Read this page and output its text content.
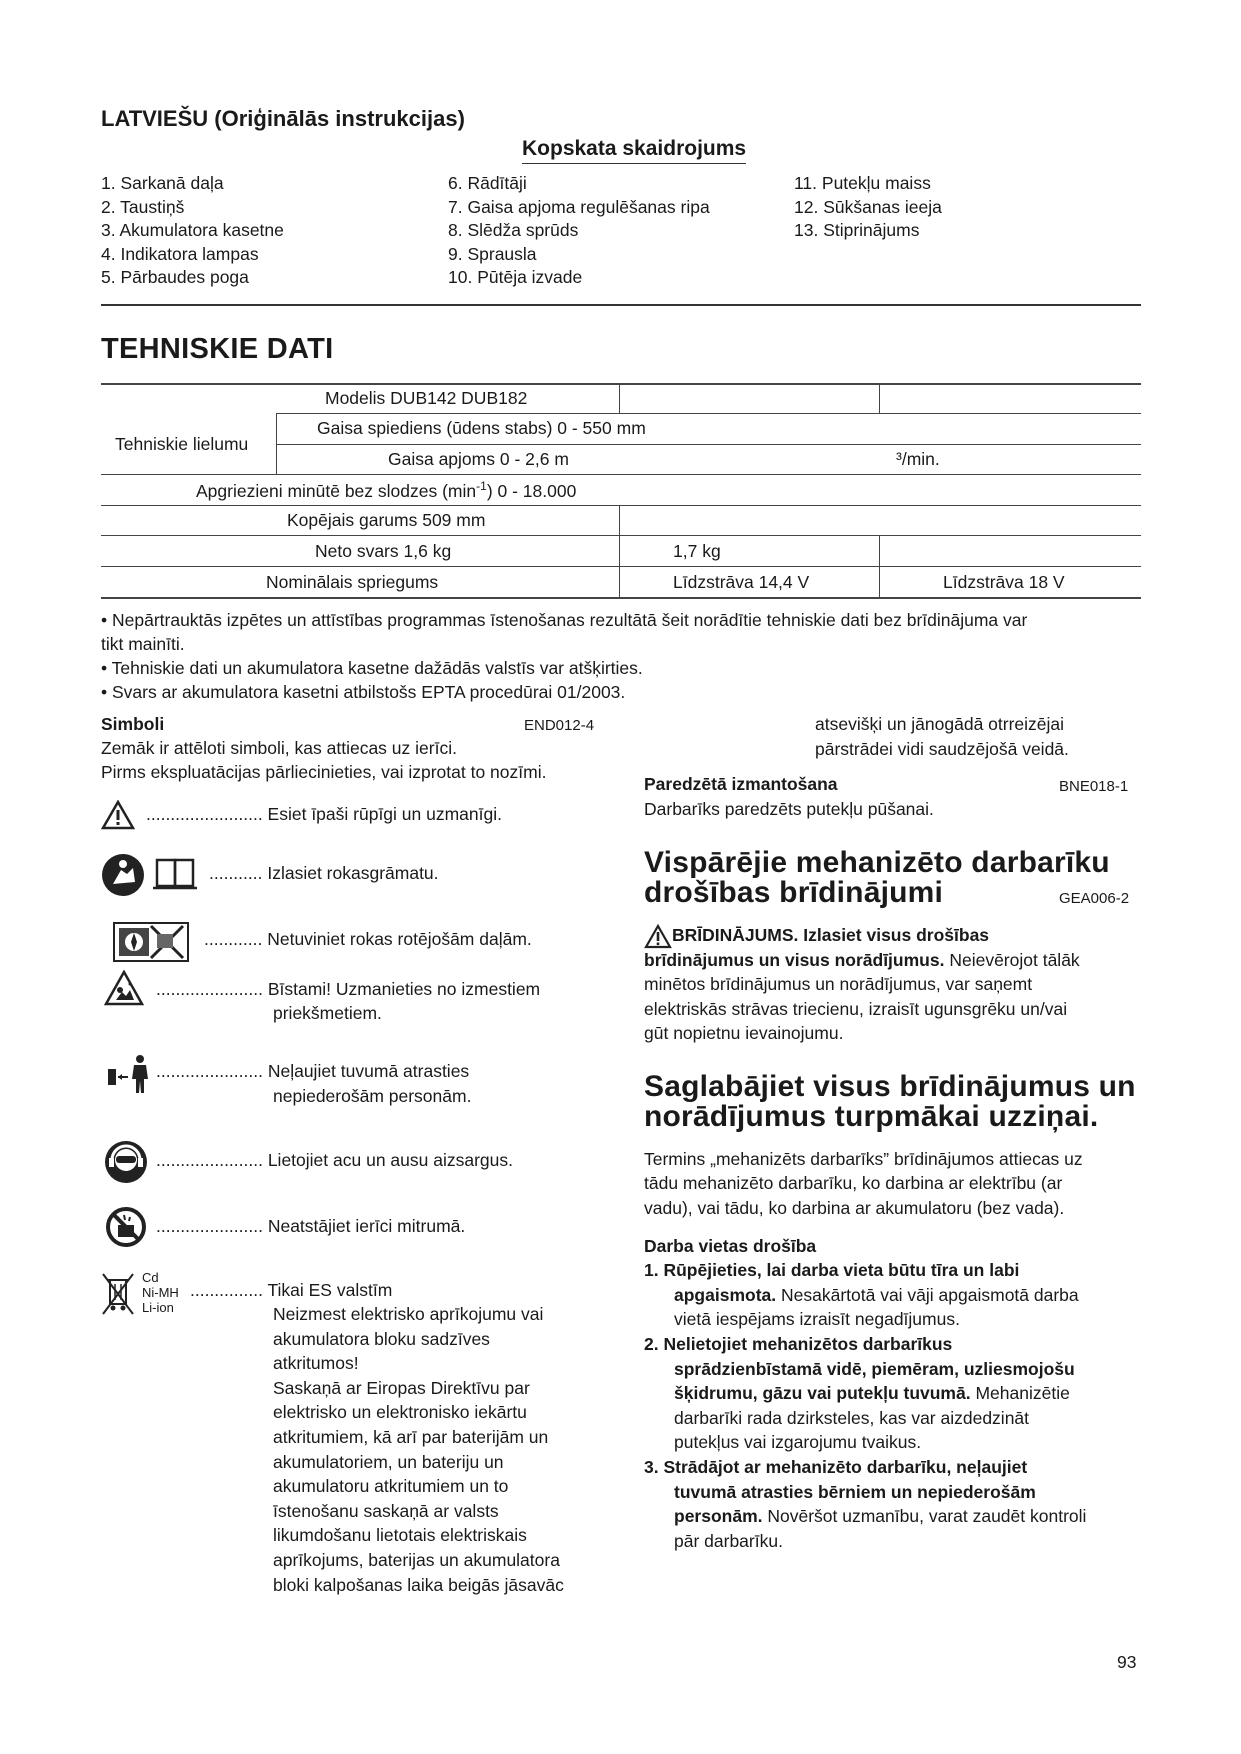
LATVIEŠU (Oriģinālās instrukcijas)
Kopskata skaidrojums
1. Sarkanā daļa
2. Taustiņš
3. Akumulatora kasetne
4. Indikatora lampas
5. Pārbaudes poga
6. Rādītāji
7. Gaisa apjoma regulēšanas ripa
8. Slēdža sprūds
9. Sprausla
10. Pūtēja izvade
11. Putekļu maiss
12. Sūkšanas ieeja
13. Stiprinājums
TEHNISKIE DATI
Modelis DUB142 DUB182
Tehniskie lielumu
Gaisa spiediens (ūdens stabs) 0 - 550 mm
Gaisa apjoms 0 - 2,6 m	³/min.
Apgriezieni minūtē bez slodzes $(\min^{-1})$ 0 - 18.000
Kopējais garums 509 mm
Neto svars 1,6 kg	1,7 kg
Nominālais spriegums	Līdzstrāva 14,4 V	Līdzstrāva 18 V
• Nepārtrauktās izpētes un attīstības programmas īstenošanas rezultātā šeit norādītie tehniskie dati bez brīdinājuma var
tikt mainīti.
• Tehniskie dati un akumulatora kasetne dažādās valstīs var atšķirties.
• Svars ar akumulatora kasetni atbilstošs EPTA procedūrai 01/2003.
Simboli	END012-4
Zemāk ir attēloti simboli, kas attiecas uz ierīci.
Pirms ekspluatācijas pārliecinieties, vai izprotat to nozīmi.
........................ Esiet īpaši rūpīgi un uzmanīgi.
........... Izlasiet rokasgrāmatu.
............ Netuviniet rokas rotējošām daļām.
...................... Bīstami! Uzmanieties no izmestiem
priekšmetiem.
...................... Neļaujiet tuvumā atrasties
nepiederošām personām.
...................... Lietojiet acu un ausu aizsargus.
...................... Neatstājiet ierīci mitrumā.
Cd
Ni-MH
Li-ion
............... Tikai ES valstīm
Neizmest elektrisko aprīkojumu vai
akumulatora bloku sadzīves
atkritumos!
Saskaņā ar Eiropas Direktīvu par
elektrisko un elektronisko iekārtu
atkritumiem, kā arī par baterijām un
akumulatoriem, un bateriju un
akumulatoru atkritumiem un to
īstenošanu saskaņā ar valsts
likumdošanu lietotais elektriskais
aprīkojums, baterijas un akumulatora
bloki kalpošanas laika beigās jāsavāc
atsevišķi un jānogādā otrreizējai
pārstrādei vidi saudzējošā veidā.
Paredzētā izmantošana	BNE018-1
Darbarīks paredzēts putekļu pūšanai.
Vispārējie mehanizēto darbarīku
drošības brīdinājumi	GEA006-2
BRĪDINĀJUMS. Izlasiet visus drošības
brīdinājumus un visus norādījumus. Neievērojot tālāk
minētos brīdinājumus un norādījumus, var saņemt
elektriskās strāvas triecienu, izraisīt ugunsgrēku un/vai
gūt nopietnu ievainojumu.
Saglabājiet visus brīdinājumus un
norādījumus turpmākai uzziņai.
Termins „mehanizēts darbarīks” brīdinājumos attiecas uz
tādu mehanizēto darbarīku, ko darbina ar elektrību (ar
vadu), vai tādu, ko darbina ar akumulatoru (bez vada).
Darba vietas drošība
1. Rūpējieties, lai darba vieta būtu tīra un labi
apgaismota. Nesakārtotā vai vāji apgaismotā darba
vietā iespējams izraisīt negadījumus.
2. Nelietojiet mehanizētos darbarīkus
sprādzienbīstamā vidē, piemēram, uzliesmojošu
šķidrumu, gāzu vai putekļu tuvumā. Mehanizētie
darbarīki rada dzirksteles, kas var aizdedzināt
putekļus vai izgarojumu tvaikus.
3. Strādājot ar mehanizēto darbarīku, neļaujiet
tuvumā atrasties bērniem un nepiederošām
personām. Novēršot uzmanību, varat zaudēt kontroli
pār darbarīku.
93
